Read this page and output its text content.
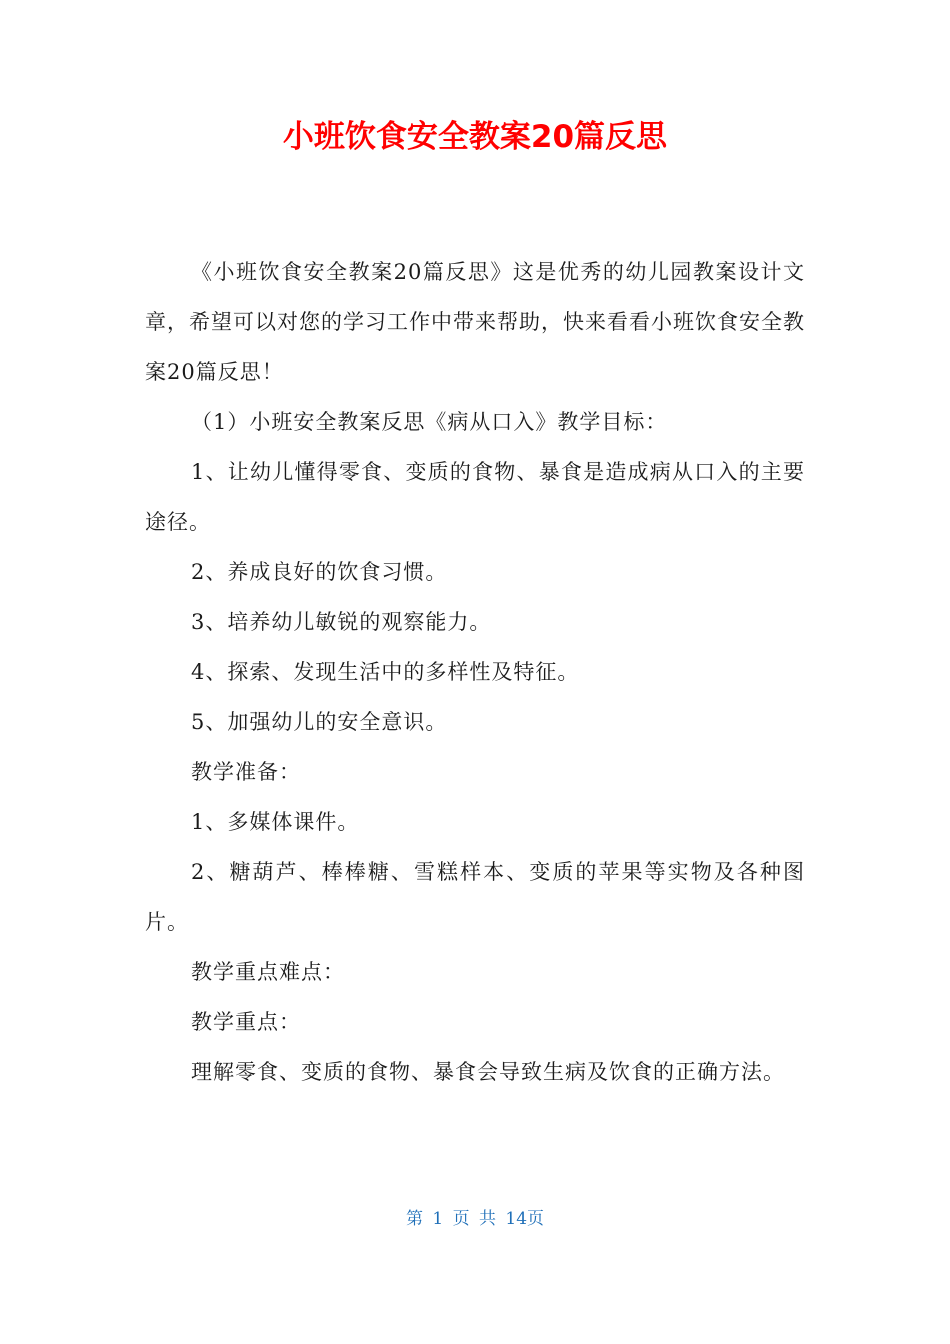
小班饮食安全教案20篇反思

《小班饮食安全教案20篇反思》这是优秀的幼儿园教案设计文章，希望可以对您的学习工作中带来帮助，快来看看小班饮食安全教案20篇反思！

（1）小班安全教案反思《病从口入》教学目标：

1、让幼儿懂得零食、变质的食物、暴食是造成病从口入的主要途径。

2、养成良好的饮食习惯。

3、培养幼儿敏锐的观察能力。

4、探索、发现生活中的多样性及特征。

5、加强幼儿的安全意识。

教学准备：

1、多媒体课件。

2、糖葫芦、棒棒糖、雪糕样本、变质的苹果等实物及各种图片。

教学重点难点：

教学重点：

理解零食、变质的食物、暴食会导致生病及饮食的正确方法。

第 1 页 共 14页
